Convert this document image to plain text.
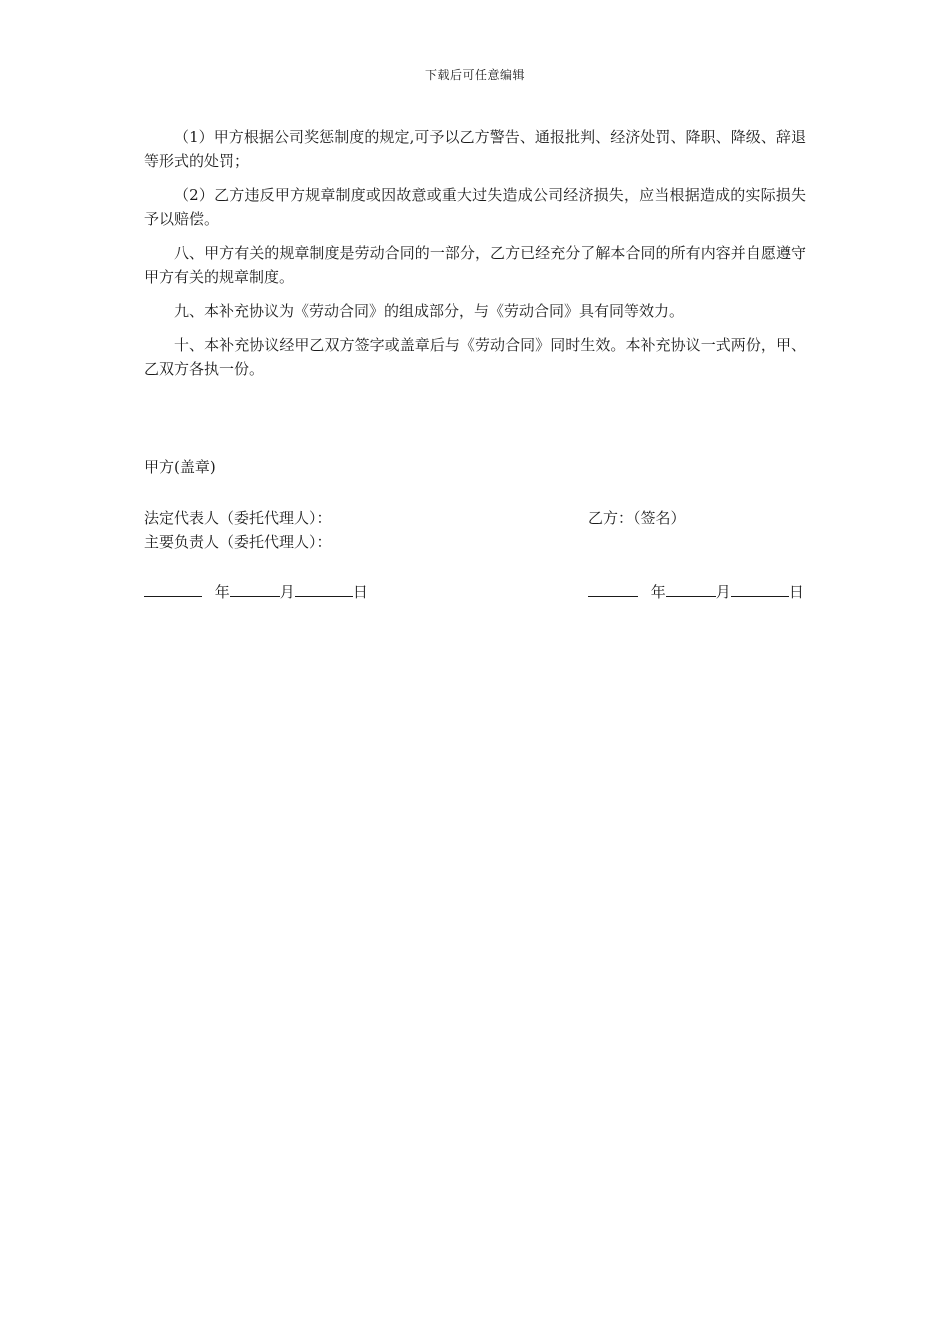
下载后可任意编辑

（1）甲方根据公司奖惩制度的规定,可予以乙方警告、通报批判、经济处罚、降职、降级、辞退等形式的处罚；

（2）乙方违反甲方规章制度或因故意或重大过失造成公司经济损失，应当根据造成的实际损失予以赔偿。

八、甲方有关的规章制度是劳动合同的一部分，乙方已经充分了解本合同的所有内容并自愿遵守甲方有关的规章制度。

九、本补充协议为《劳动合同》的组成部分，与《劳动合同》具有同等效力。

十、本补充协议经甲乙双方签字或盖章后与《劳动合同》同时生效。本补充协议一式两份，甲、乙双方各执一份。

甲方(盖章)
法定代表人（委托代理人）：	乙方：（签名）
主要负责人（委托代理人）：
年	月	日	年	月	日
